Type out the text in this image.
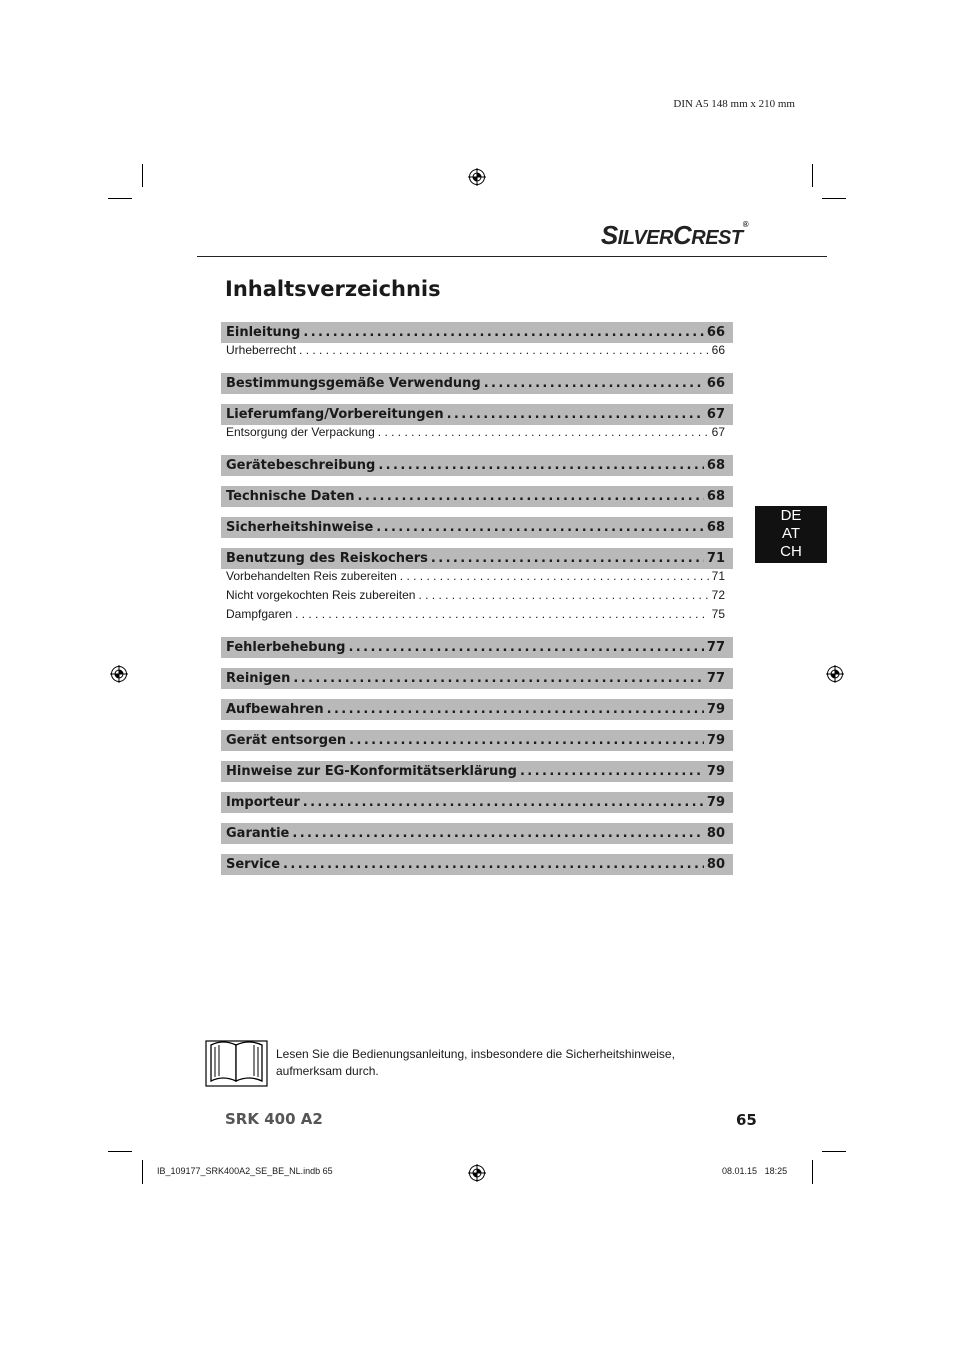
DIN A5 148 mm x 210 mm
SILVERCREST®
Inhaltsverzeichnis
Einleitung .....	66
Urheberrecht . . .	66
Bestimmungsgemäße Verwendung .....	66
Lieferumfang/Vorbereitungen .....	67
Entsorgung der Verpackung . . .	67
Gerätebeschreibung .....	68
Technische Daten .....	68
Sicherheitshinweise .....	68
Benutzung des Reiskochers .....	71
Vorbehandelten Reis zubereiten . . .	71
Nicht vorgekochten Reis zubereiten . . .	72
Dampfgaren . . .	75
Fehlerbehebung .....	77
Reinigen .....	77
Aufbewahren .....	79
Gerät entsorgen .....	79
Hinweise zur EG-Konformitätserklärung .....	79
Importeur .....	79
Garantie .....	80
Service .....	80
DE
AT
CH
Lesen Sie die Bedienungsanleitung, insbesondere die Sicherheitshinweise,
aufmerksam durch.
SRK 400 A2	65
IB_109177_SRK400A2_SE_BE_NL.indb 65	08.01.15 18:25
